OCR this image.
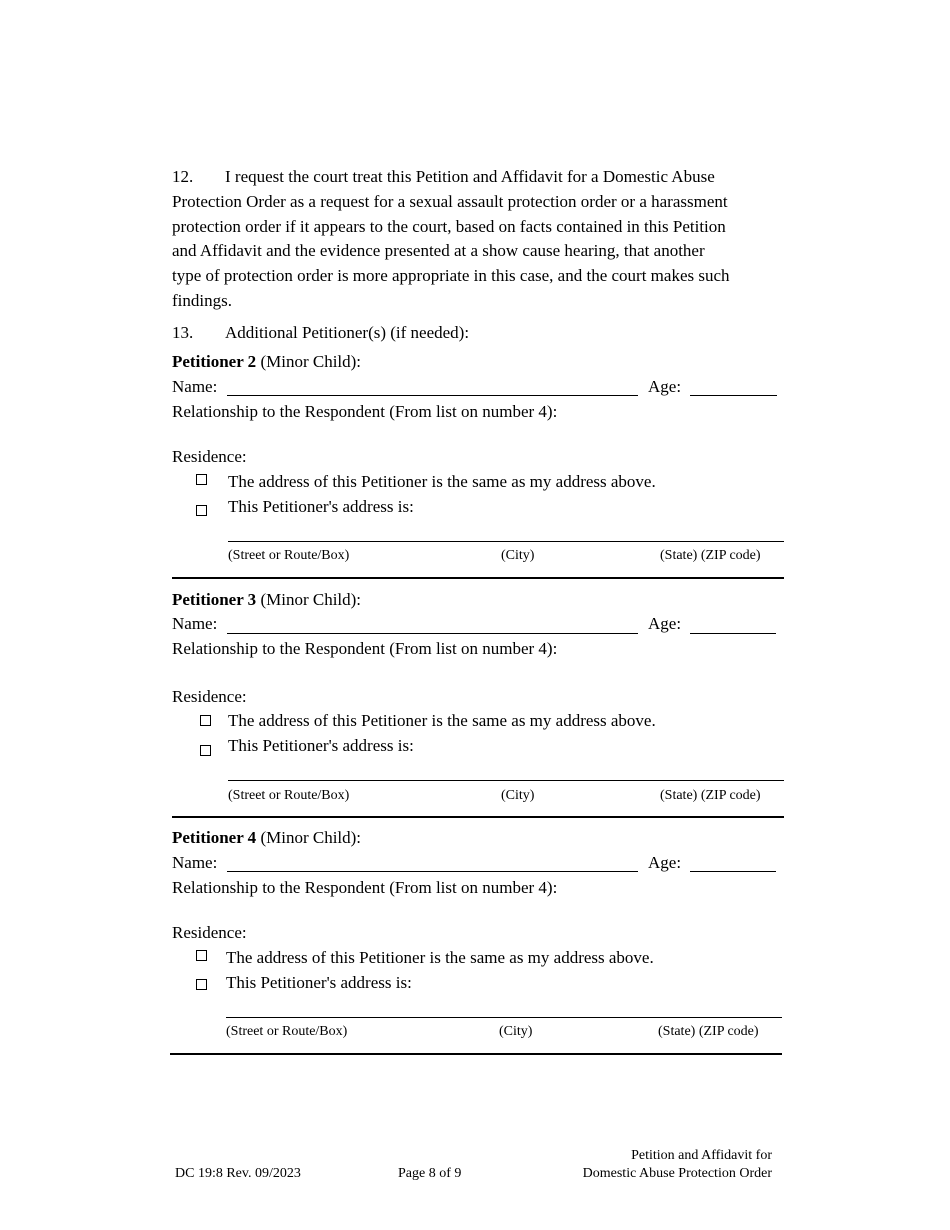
12. I request the court treat this Petition and Affidavit for a Domestic Abuse
Protection Order as a request for a sexual assault protection order or a harassment
protection order if it appears to the court, based on facts contained in this Petition
and Affidavit and the evidence presented at a show cause hearing, that another
type of protection order is more appropriate in this case, and the court makes such
findings.
13. Additional Petitioner(s) (if needed):
Petitioner 2 (Minor Child):
Name:	Age:
Relationship to the Respondent (From list on number 4):
Residence:
The address of this Petitioner is the same as my address above.
This Petitioner's address is:
(Street or Route/Box)	(City)	(State) (ZIP code)
Petitioner 3 (Minor Child):
Name:	Age:
Relationship to the Respondent (From list on number 4):
Residence:
The address of this Petitioner is the same as my address above.
This Petitioner's address is:
(Street or Route/Box)	(City)	(State) (ZIP code)
Petitioner 4 (Minor Child):
Name:	Age:
Relationship to the Respondent (From list on number 4):
Residence:
The address of this Petitioner is the same as my address above.
This Petitioner's address is:
(Street or Route/Box)	(City)	(State) (ZIP code)
DC 19:8 Rev. 09/2023	Page 8 of 9
Petition and Affidavit for
Domestic Abuse Protection Order
